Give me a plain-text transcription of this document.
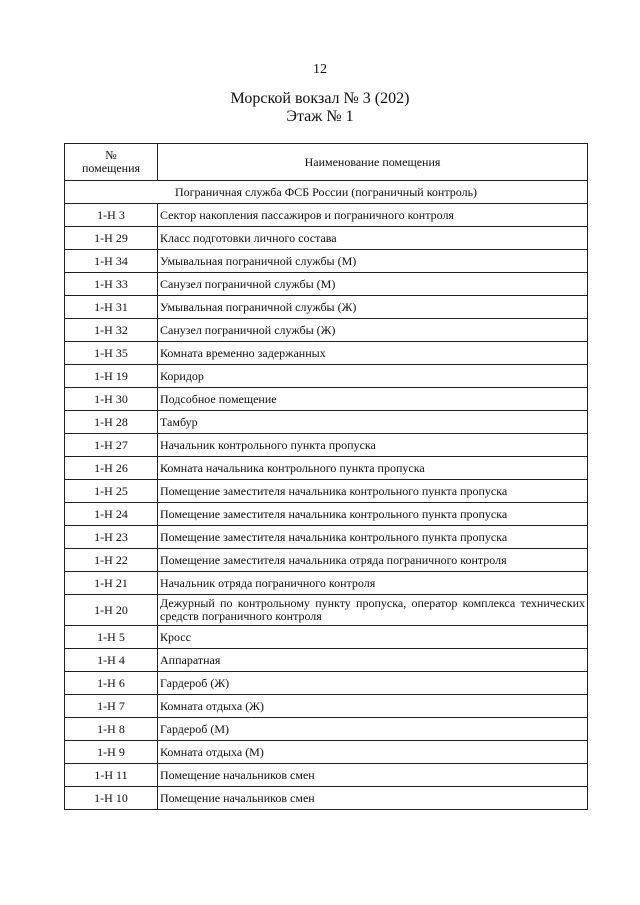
12
Морской вокзал № 3 (202)
Этаж № 1
№
помещения	Наименование помещения
Пограничная служба ФСБ России (пограничный контроль)	
1-Н 3	Сектор накопления пассажиров и пограничного контроля
1-Н 29	Класс подготовки личного состава
1-Н 34	Умывальная пограничной службы (М)
1-Н 33	Санузел пограничной службы (М)
1-Н 31	Умывальная пограничной службы (Ж)
1-Н 32	Санузел пограничной службы (Ж)
1-Н 35	Комната временно задержанных
1-Н 19	Коридор
1-Н 30	Подсобное помещение
1-Н 28	Тамбур
1-Н 27	Начальник контрольного пункта пропуска
1-Н 26	Комната начальника контрольного пункта пропуска
1-Н 25	Помещение заместителя начальника контрольного пункта пропуска
1-Н 24	Помещение заместителя начальника контрольного пункта пропуска
1-Н 23	Помещение заместителя начальника контрольного пункта пропуска
1-Н 22	Помещение заместителя начальника отряда пограничного контроля
1-Н 21	Начальник отряда пограничного контроля
1-Н 20	Дежурный по контрольному пункту пропуска, оператор комплекса технических средств пограничного контроля
1-Н 5	Кросс
1-Н 4	Аппаратная
1-Н 6	Гардероб (Ж)
1-Н 7	Комната отдыха (Ж)
1-Н 8	Гардероб (М)
1-Н 9	Комната отдыха (М)
1-Н 11	Помещение начальников смен
1-Н 10	Помещение начальников смен
